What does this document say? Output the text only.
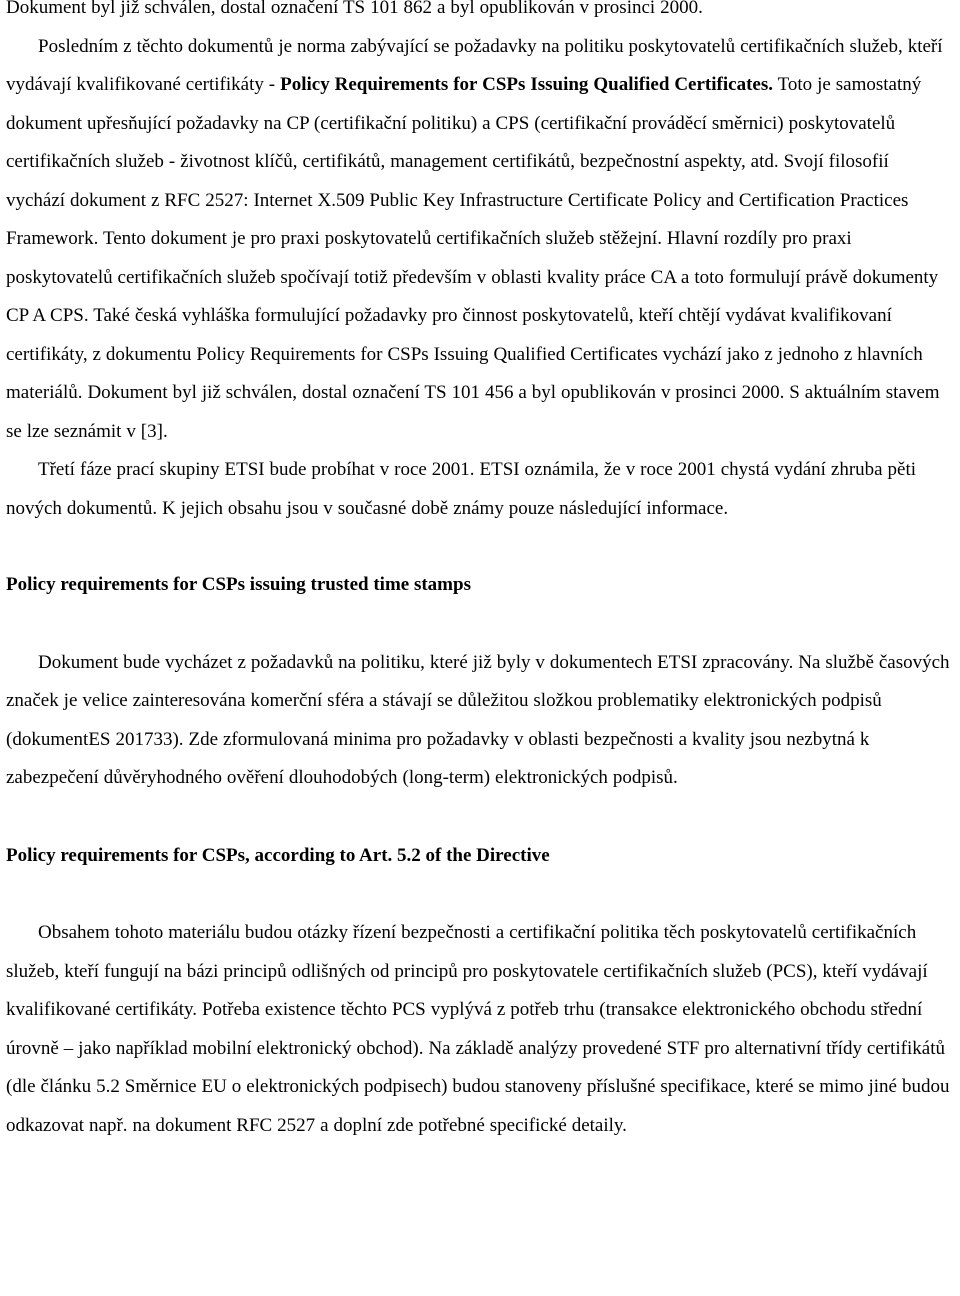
Dokument byl již schválen, dostal označení TS 101 862 a byl opublikován v prosinci 2000.

Posledním z těchto dokumentů je norma zabývající se požadavky na politiku poskytovatelů certifikačních služeb, kteří vydávají kvalifikované certifikáty - Policy Requirements for CSPs Issuing Qualified Certificates. Toto je samostatný dokument upřesňující požadavky na CP (certifikační politiku) a CPS (certifikační prováděcí směrnici) poskytovatelů certifikačních služeb - životnost klíčů, certifikátů, management certifikátů, bezpečnostní aspekty, atd. Svojí filosofií vychází dokument z RFC 2527: Internet X.509 Public Key Infrastructure Certificate Policy and Certification Practices Framework. Tento dokument je pro praxi poskytovatelů certifikačních služeb stěžejní. Hlavní rozdíly pro praxi poskytovatelů certifikačních služeb spočívají totiž především v oblasti kvality práce CA a toto formulují právě dokumenty CP A CPS. Také česká vyhláška formulující požadavky pro činnost poskytovatelů, kteří chtějí vydávat kvalifikovaní certifikáty, z dokumentu Policy Requirements for CSPs Issuing Qualified Certificates vychází jako z jednoho z hlavních materiálů. Dokument byl již schválen, dostal označení TS 101 456 a byl opublikován v prosinci 2000. S aktuálním stavem se lze seznámit v [3].

Třetí fáze prací skupiny ETSI bude probíhat v roce 2001. ETSI oznámila, že v roce 2001 chystá vydání zhruba pěti nových dokumentů. K jejich obsahu jsou v současné době známy pouze následující informace.

Policy requirements for CSPs issuing trusted time stamps

Dokument bude vycházet z požadavků na politiku, které již byly v dokumentech ETSI zpracovány. Na službě časových značek je velice zainteresována komerční sféra a stávají se důležitou složkou problematiky elektronických podpisů (dokumentES 201733). Zde zformulovaná minima pro požadavky v oblasti bezpečnosti a kvality jsou nezbytná k zabezpečení důvěryhodného ověření dlouhodobých (long-term) elektronických podpisů.

Policy requirements for CSPs, according to Art. 5.2 of the Directive

Obsahem tohoto materiálu budou otázky řízení bezpečnosti a certifikační politika těch poskytovatelů certifikačních služeb, kteří fungují na bázi principů odlišných od principů pro poskytovatele certifikačních služeb (PCS), kteří vydávají kvalifikované certifikáty. Potřeba existence těchto PCS vyplývá z potřeb trhu (transakce elektronického obchodu střední úrovně – jako například mobilní elektronický obchod). Na základě analýzy provedené STF pro alternativní třídy certifikátů (dle článku 5.2 Směrnice EU o elektronických podpisech) budou stanoveny příslušné specifikace, které se mimo jiné budou odkazovat např. na dokument RFC 2527 a doplní zde potřebné specifické detaily.
